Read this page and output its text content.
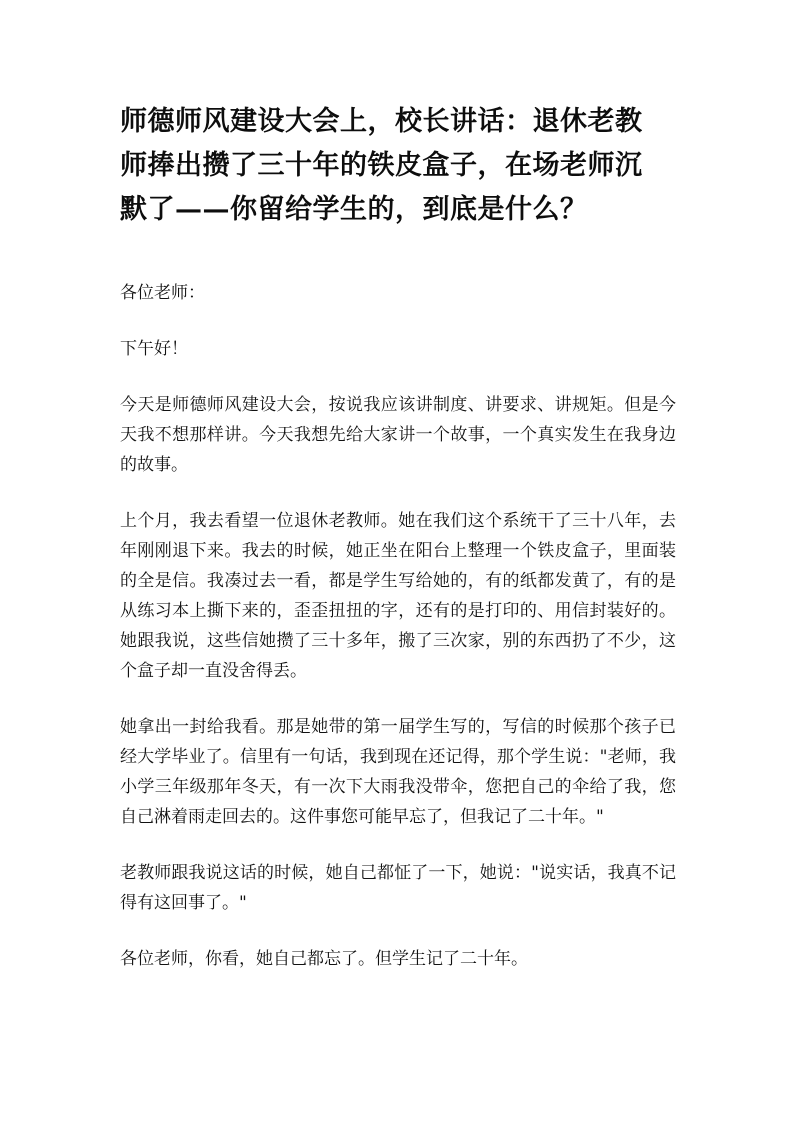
师德师风建设大会上，校长讲话：退休老教师捧出攒了三十年的铁皮盒子，在场老师沉默了——你留给学生的，到底是什么？

各位老师：

下午好！

今天是师德师风建设大会，按说我应该讲制度、讲要求、讲规矩。但是今天我不想那样讲。今天我想先给大家讲一个故事，一个真实发生在我身边的故事。

上个月，我去看望一位退休老教师。她在我们这个系统干了三十八年，去年刚刚退下来。我去的时候，她正坐在阳台上整理一个铁皮盒子，里面装的全是信。我凑过去一看，都是学生写给她的，有的纸都发黄了，有的是从练习本上撕下来的，歪歪扭扭的字，还有的是打印的、用信封装好的。她跟我说，这些信她攒了三十多年，搬了三次家，别的东西扔了不少，这个盒子却一直没舍得丢。

她拿出一封给我看。那是她带的第一届学生写的，写信的时候那个孩子已经大学毕业了。信里有一句话，我到现在还记得，那个学生说："老师，我小学三年级那年冬天，有一次下大雨我没带伞，您把自己的伞给了我，您自己淋着雨走回去的。这件事您可能早忘了，但我记了二十年。"

老教师跟我说这话的时候，她自己都怔了一下，她说："说实话，我真不记得有这回事了。"

各位老师，你看，她自己都忘了。但学生记了二十年。
